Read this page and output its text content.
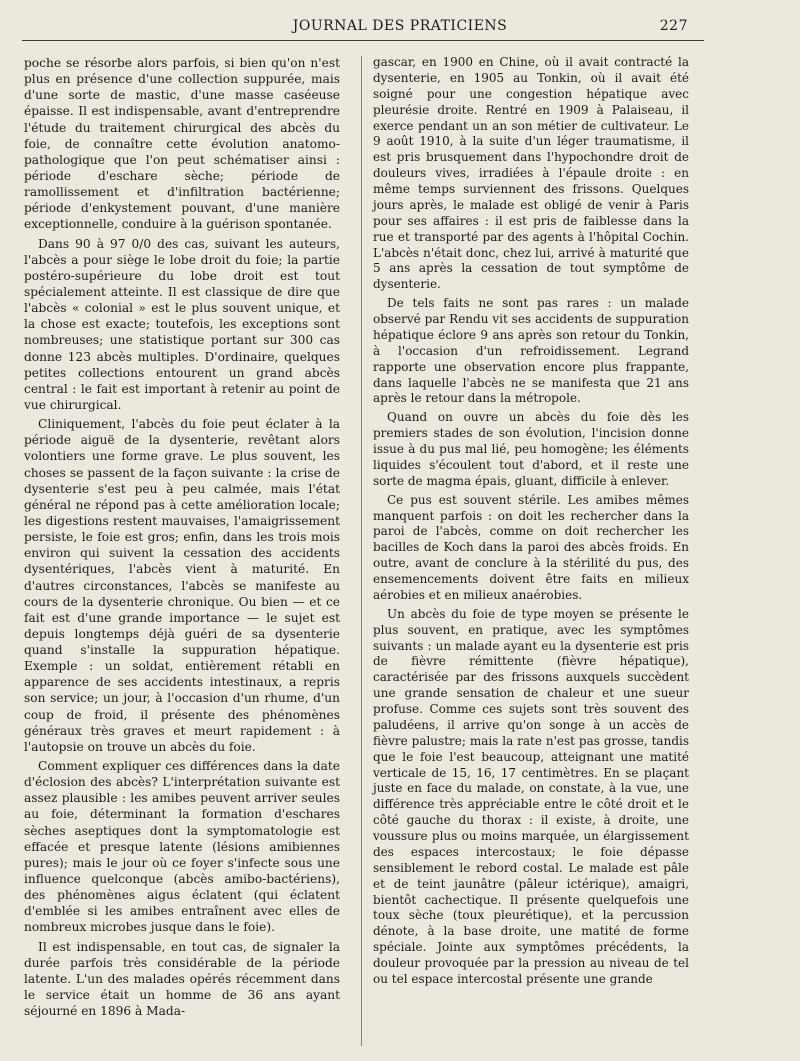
JOURNAL DES PRATICIENS	227

poche se résorbe alors parfois, si bien qu'on n'est plus en présence d'une collection suppurée, mais d'une sorte de mastic, d'une masse caséeuse épaisse. Il est indispensable, avant d'entreprendre l'étude du traitement chirurgical des abcès du foie, de connaître cette évolution anatomo-pathologique que l'on peut schématiser ainsi : période d'eschare sèche; période de ramollissement et d'infiltration bactérienne; période d'enkystement pouvant, d'une manière exceptionnelle, conduire à la guérison spontanée.

Dans 90 à 97 0/0 des cas, suivant les auteurs, l'abcès a pour siège le lobe droit du foie; la partie postéro-supérieure du lobe droit est tout spécialement atteinte. Il est classique de dire que l'abcès « colonial » est le plus souvent unique, et la chose est exacte; toutefois, les exceptions sont nombreuses; une statistique portant sur 300 cas donne 123 abcès multiples. D'ordinaire, quelques petites collections entourent un grand abcès central : le fait est important à retenir au point de vue chirurgical.

Cliniquement, l'abcès du foie peut éclater à la période aiguë de la dysenterie, revêtant alors volontiers une forme grave. Le plus souvent, les choses se passent de la façon suivante : la crise de dysenterie s'est peu à peu calmée, mais l'état général ne répond pas à cette amélioration locale; les digestions restent mauvaises, l'amaigrissement persiste, le foie est gros; enfin, dans les trois mois environ qui suivent la cessation des accidents dysentériques, l'abcès vient à maturité. En d'autres circonstances, l'abcès se manifeste au cours de la dysenterie chronique. Ou bien — et ce fait est d'une grande importance — le sujet est depuis longtemps déjà guéri de sa dysenterie quand s'installe la suppuration hépatique. Exemple : un soldat, entièrement rétabli en apparence de ses accidents intestinaux, a repris son service; un jour, à l'occasion d'un rhume, d'un coup de froid, il présente des phénomènes généraux très graves et meurt rapidement : à l'autopsie on trouve un abcès du foie.

Comment expliquer ces différences dans la date d'éclosion des abcès? L'interprétation suivante est assez plausible : les amibes peuvent arriver seules au foie, déterminant la formation d'eschares sèches aseptiques dont la symptomatologie est effacée et presque latente (lésions amibiennes pures); mais le jour où ce foyer s'infecte sous une influence quelconque (abcès amibo-bactériens), des phénomènes aigus éclatent (qui éclatent d'emblée si les amibes entraînent avec elles de nombreux microbes jusque dans le foie).

Il est indispensable, en tout cas, de signaler la durée parfois très considérable de la période latente. L'un des malades opérés récemment dans le service était un homme de 36 ans ayant séjourné en 1896 à Mada-

gascar, en 1900 en Chine, où il avait contracté la dysenterie, en 1905 au Tonkin, où il avait été soigné pour une congestion hépatique avec pleurésie droite. Rentré en 1909 à Palaiseau, il exerce pendant un an son métier de cultivateur. Le 9 août 1910, à la suite d'un léger traumatisme, il est pris brusquement dans l'hypochondre droit de douleurs vives, irradiées à l'épaule droite : en même temps surviennent des frissons. Quelques jours après, le malade est obligé de venir à Paris pour ses affaires : il est pris de faiblesse dans la rue et transporté par des agents à l'hôpital Cochin. L'abcès n'était donc, chez lui, arrivé à maturité que 5 ans après la cessation de tout symptôme de dysenterie.

De tels faits ne sont pas rares : un malade observé par Rendu vit ses accidents de suppuration hépatique éclore 9 ans après son retour du Tonkin, à l'occasion d'un refroidissement. Legrand rapporte une observation encore plus frappante, dans laquelle l'abcès ne se manifesta que 21 ans après le retour dans la métropole.

Quand on ouvre un abcès du foie dès les premiers stades de son évolution, l'incision donne issue à du pus mal lié, peu homogène; les éléments liquides s'écoulent tout d'abord, et il reste une sorte de magma épais, gluant, difficile à enlever.

Ce pus est souvent stérile. Les amibes mêmes manquent parfois : on doit les rechercher dans la paroi de l'abcès, comme on doit rechercher les bacilles de Koch dans la paroi des abcès froids. En outre, avant de conclure à la stérilité du pus, des ensemencements doivent être faits en milieux aérobies et en milieux anaérobies.

Un abcès du foie de type moyen se présente le plus souvent, en pratique, avec les symptômes suivants : un malade ayant eu la dysenterie est pris de fièvre rémittente (fièvre hépatique), caractérisée par des frissons auxquels succèdent une grande sensation de chaleur et une sueur profuse. Comme ces sujets sont très souvent des paludéens, il arrive qu'on songe à un accès de fièvre palustre; mais la rate n'est pas grosse, tandis que le foie l'est beaucoup, atteignant une matité verticale de 15, 16, 17 centimètres. En se plaçant juste en face du malade, on constate, à la vue, une différence très appréciable entre le côté droit et le côté gauche du thorax : il existe, à droite, une voussure plus ou moins marquée, un élargissement des espaces intercostaux; le foie dépasse sensiblement le rebord costal. Le malade est pâle et de teint jaunâtre (pâleur ictérique), amaigri, bientôt cachectique. Il présente quelquefois une toux sèche (toux pleurétique), et la percussion dénote, à la base droite, une matité de forme spéciale. Jointe aux symptômes précédents, la douleur provoquée par la pression au niveau de tel ou tel espace intercostal présente une grande
